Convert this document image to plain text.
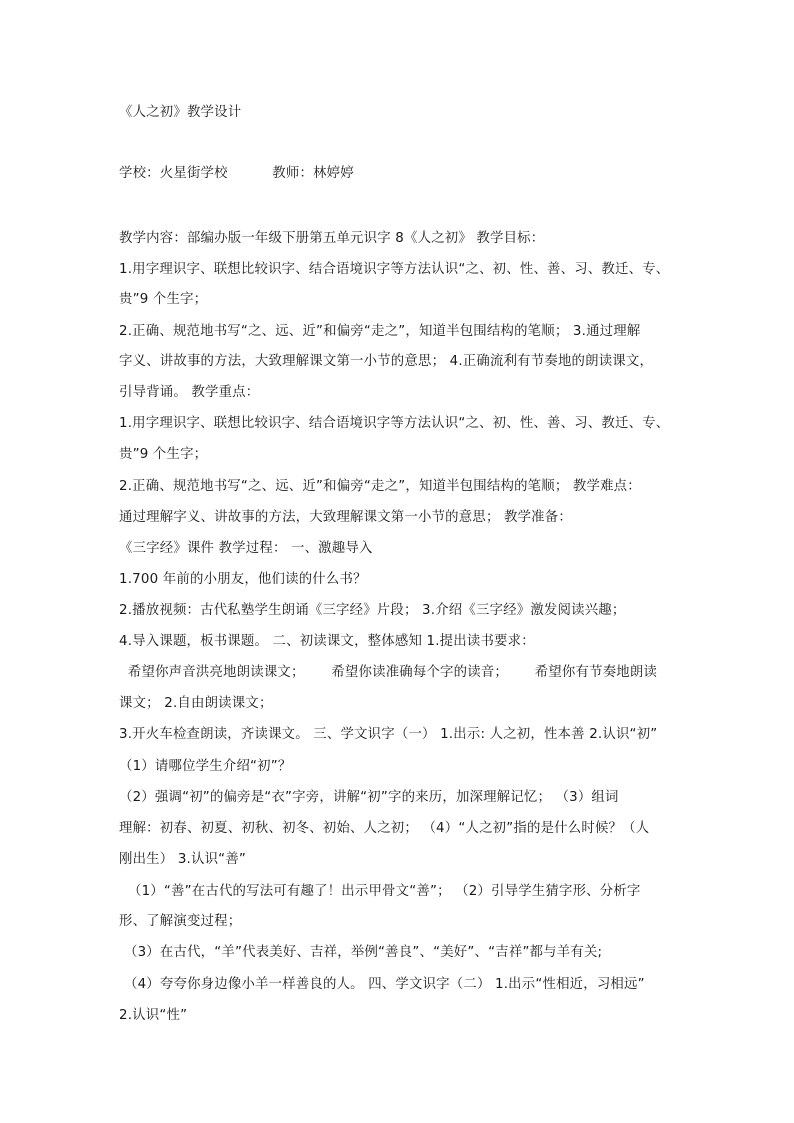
《人之初》教学设计
学校：火星街学校          教师：林婷婷
教学内容：部编办版一年级下册第五单元识字 8《人之初》 教学目标：
1.用字理识字、联想比较识字、结合语境识字等方法认识“之、初、性、善、习、教迁、专、
贵”9 个生字；
2.正确、规范地书写“之、远、近”和偏旁“走之”，知道半包围结构的笔顺； 3.通过理解
字义、讲故事的方法，大致理解课文第一小节的意思； 4.正确流利有节奏地的朗读课文，
引导背诵。 教学重点：
1.用字理识字、联想比较识字、结合语境识字等方法认识“之、初、性、善、习、教迁、专、
贵”9 个生字；
2.正确、规范地书写“之、远、近”和偏旁“走之”，知道半包围结构的笔顺； 教学难点：
通过理解字义、讲故事的方法，大致理解课文第一小节的意思； 教学准备：
《三字经》课件 教学过程： 一、激趣导入
1.700 年前的小朋友，他们读的什么书？
2.播放视频：古代私塾学生朗诵《三字经》片段； 3.介绍《三字经》激发阅读兴趣；
4.导入课题，板书课题。 二、初读课文，整体感知 1.提出读书要求：
希望你声音洪亮地朗读课文；      希望你读准确每个字的读音；      希望你有节奏地朗读
课文； 2.自由朗读课文；
3.开火车检查朗读，齐读课文。 三、学文识字（一） 1.出示: 人之初，性本善 2.认识“初”
（1）请哪位学生介绍“初”？
（2）强调“初”的偏旁是“衣”字旁，讲解“初”字的来历，加深理解记忆； （3）组词
理解：初春、初夏、初秋、初冬、初始、人之初； （4）“人之初”指的是什么时候？（人
刚出生） 3.认识“善”
（1）“善”在古代的写法可有趣了！出示甲骨文“善”； （2）引导学生猜字形、分析字
形、了解演变过程；
（3）在古代，“羊”代表美好、吉祥，举例“善良”、“美好”、“吉祥”都与羊有关;
（4）夸夸你身边像小羊一样善良的人。 四、学文识字（二） 1.出示“性相近，习相远”
2.认识“性”
